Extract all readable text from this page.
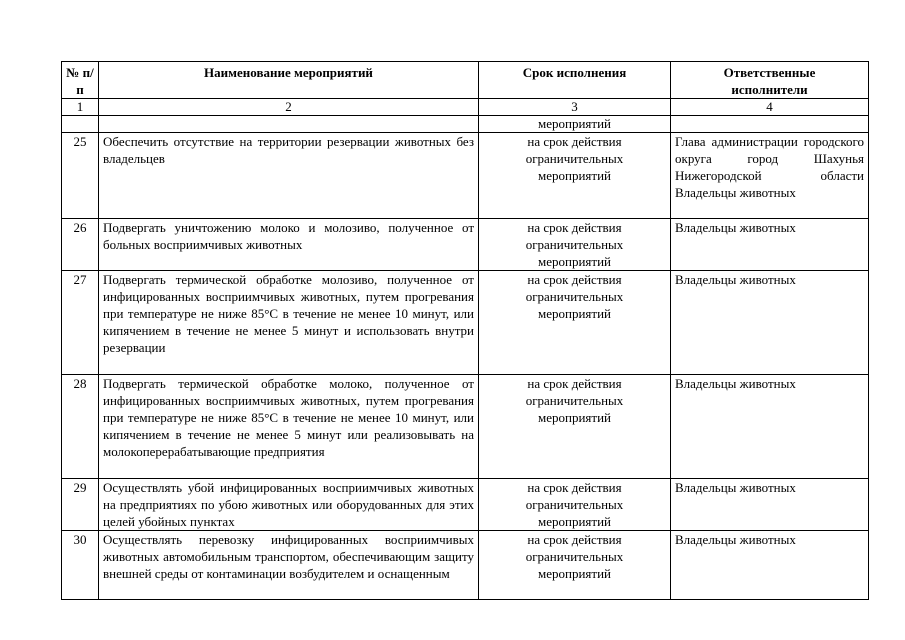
№ п/п	Наименование мероприятий	Срок исполнения	Ответственные исполнители
1	2	3	4
		мероприятий	
25	Обеспечить отсутствие на территории резервации животных без владельцев	на срок действия ограничительных мероприятий	Глава администрации городского округа город Шахунья Нижегородской области Владельцы животных
26	Подвергать уничтожению молоко и молозиво, полученное от больных восприимчивых животных	на срок действия ограничительных мероприятий	Владельцы животных
27	Подвергать термической обработке молозиво, полученное от инфицированных восприимчивых животных, путем прогревания при температуре не ниже 85°С в течение не менее 10 минут, или кипячением в течение не менее 5 минут и использовать внутри резервации	на срок действия ограничительных мероприятий	Владельцы животных
28	Подвергать термической обработке молоко, полученное от инфицированных восприимчивых животных, путем прогревания при температуре не ниже 85°С в течение не менее 10 минут, или кипячением в течение не менее 5 минут или реализовывать на молокоперерабатывающие предприятия	на срок действия ограничительных мероприятий	Владельцы животных
29	Осуществлять убой инфицированных восприимчивых животных на предприятиях по убою животных или оборудованных для этих целей убойных пунктах	на срок действия ограничительных мероприятий	Владельцы животных
30	Осуществлять перевозку инфицированных восприимчивых животных автомобильным транспортом, обеспечивающим защиту внешней среды от контаминации возбудителем и оснащенным	на срок действия ограничительных мероприятий	Владельцы животных
